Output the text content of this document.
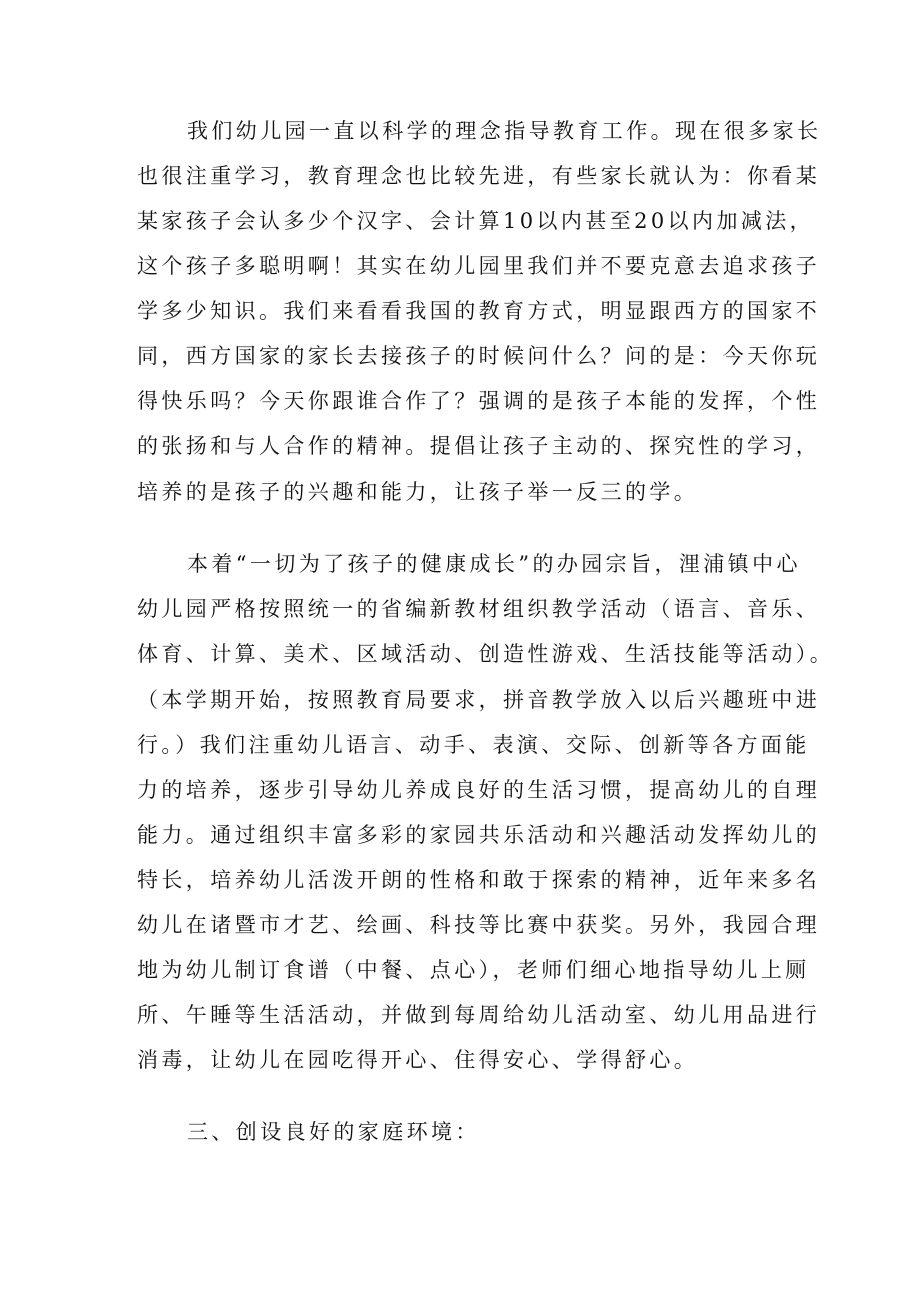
我们幼儿园一直以科学的理念指导教育工作。现在很多家长
也很注重学习，教育理念也比较先进，有些家长就认为：你看某
某家孩子会认多少个汉字、会计算10以内甚至20以内加减法，
这个孩子多聪明啊！其实在幼儿园里我们并不要克意去追求孩子
学多少知识。我们来看看我国的教育方式，明显跟西方的国家不
同，西方国家的家长去接孩子的时候问什么？问的是：今天你玩
得快乐吗？今天你跟谁合作了？强调的是孩子本能的发挥，个性
的张扬和与人合作的精神。提倡让孩子主动的、探究性的学习，
培养的是孩子的兴趣和能力，让孩子举一反三的学。
本着“一切为了孩子的健康成长”的办园宗旨，浬浦镇中心
幼儿园严格按照统一的省编新教材组织教学活动（语言、音乐、
体育、计算、美术、区域活动、创造性游戏、生活技能等活动）。
（本学期开始，按照教育局要求，拼音教学放入以后兴趣班中进
行。）我们注重幼儿语言、动手、表演、交际、创新等各方面能
力的培养，逐步引导幼儿养成良好的生活习惯，提高幼儿的自理
能力。通过组织丰富多彩的家园共乐活动和兴趣活动发挥幼儿的
特长，培养幼儿活泼开朗的性格和敢于探索的精神，近年来多名
幼儿在诸暨市才艺、绘画、科技等比赛中获奖。另外，我园合理
地为幼儿制订食谱（中餐、点心），老师们细心地指导幼儿上厕
所、午睡等生活活动，并做到每周给幼儿活动室、幼儿用品进行
消毒，让幼儿在园吃得开心、住得安心、学得舒心。
三、创设良好的家庭环境：
